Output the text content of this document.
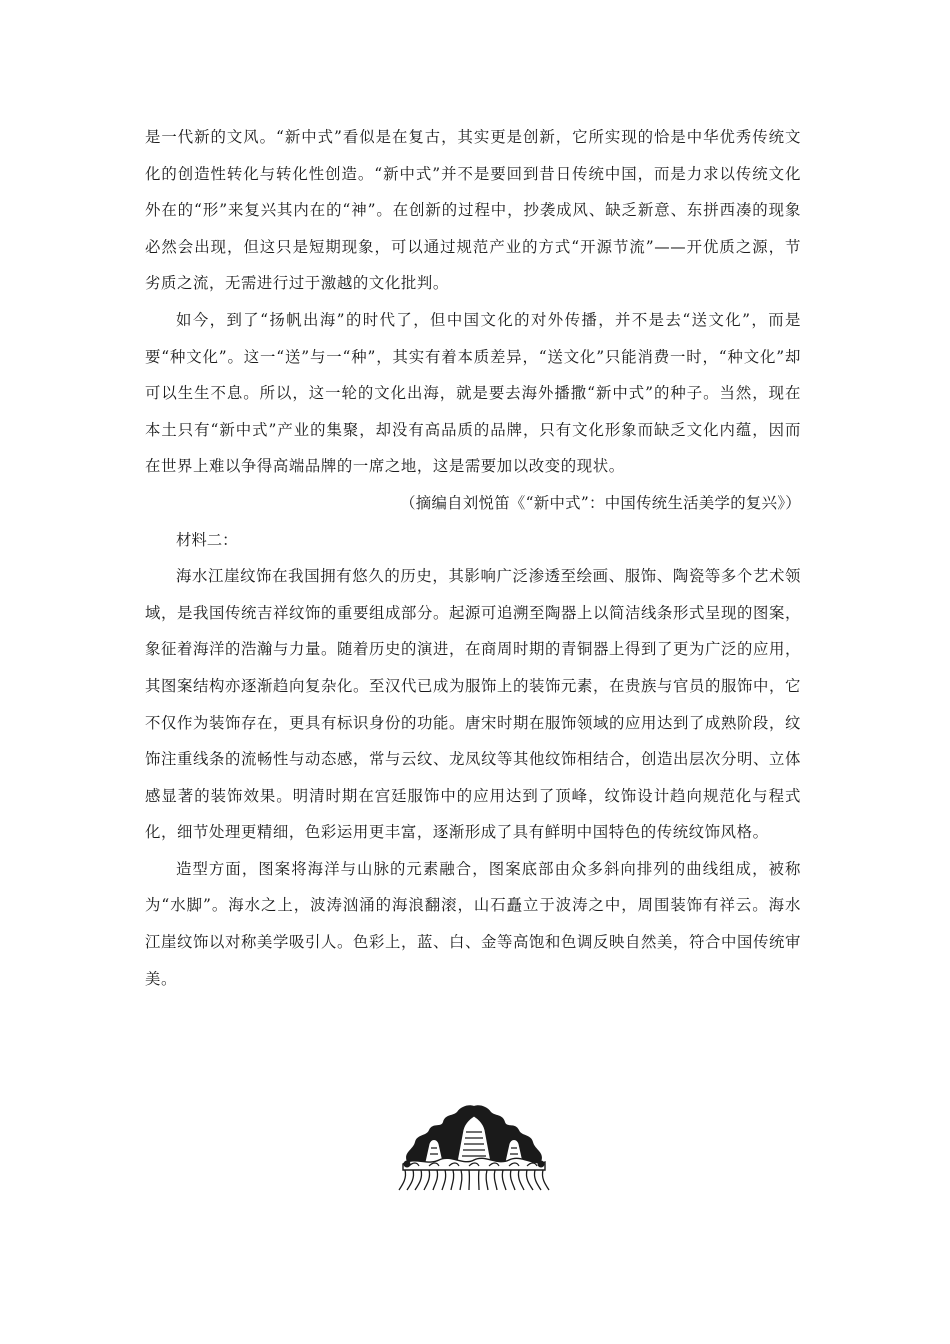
是一代新的文风。“新中式”看似是在复古，其实更是创新，它所实现的恰是中华优秀传统文化的创造性转化与转化性创造。“新中式”并不是要回到昔日传统中国，而是力求以传统文化外在的“形”来复兴其内在的“神”。在创新的过程中，抄袭成风、缺乏新意、东拼西凑的现象必然会出现，但这只是短期现象，可以通过规范产业的方式“开源节流”——开优质之源，节劣质之流，无需进行过于激越的文化批判。

如今，到了“扬帆出海”的时代了，但中国文化的对外传播，并不是去“送文化”，而是要“种文化”。这一“送”与一“种”，其实有着本质差异，“送文化”只能消费一时，“种文化”却可以生生不息。所以，这一轮的文化出海，就是要去海外播撒“新中式”的种子。当然，现在本土只有“新中式”产业的集聚，却没有高品质的品牌，只有文化形象而缺乏文化内蕴，因而在世界上难以争得高端品牌的一席之地，这是需要加以改变的现状。

（摘编自刘悦笛《“新中式”：中国传统生活美学的复兴》）

材料二：

海水江崖纹饰在我国拥有悠久的历史，其影响广泛渗透至绘画、服饰、陶瓷等多个艺术领域，是我国传统吉祥纹饰的重要组成部分。起源可追溯至陶器上以简洁线条形式呈现的图案，象征着海洋的浩瀚与力量。随着历史的演进，在商周时期的青铜器上得到了更为广泛的应用，其图案结构亦逐渐趋向复杂化。至汉代已成为服饰上的装饰元素，在贵族与官员的服饰中，它不仅作为装饰存在，更具有标识身份的功能。唐宋时期在服饰领域的应用达到了成熟阶段，纹饰注重线条的流畅性与动态感，常与云纹、龙凤纹等其他纹饰相结合，创造出层次分明、立体感显著的装饰效果。明清时期在宫廷服饰中的应用达到了顶峰，纹饰设计趋向规范化与程式化，细节处理更精细，色彩运用更丰富，逐渐形成了具有鲜明中国特色的传统纹饰风格。

造型方面，图案将海洋与山脉的元素融合，图案底部由众多斜向排列的曲线组成，被称为“水脚”。海水之上，波涛汹涌的海浪翻滚，山石矗立于波涛之中，周围装饰有祥云。海水江崖纹饰以对称美学吸引人。色彩上，蓝、白、金等高饱和色调反映自然美，符合中国传统审美。
